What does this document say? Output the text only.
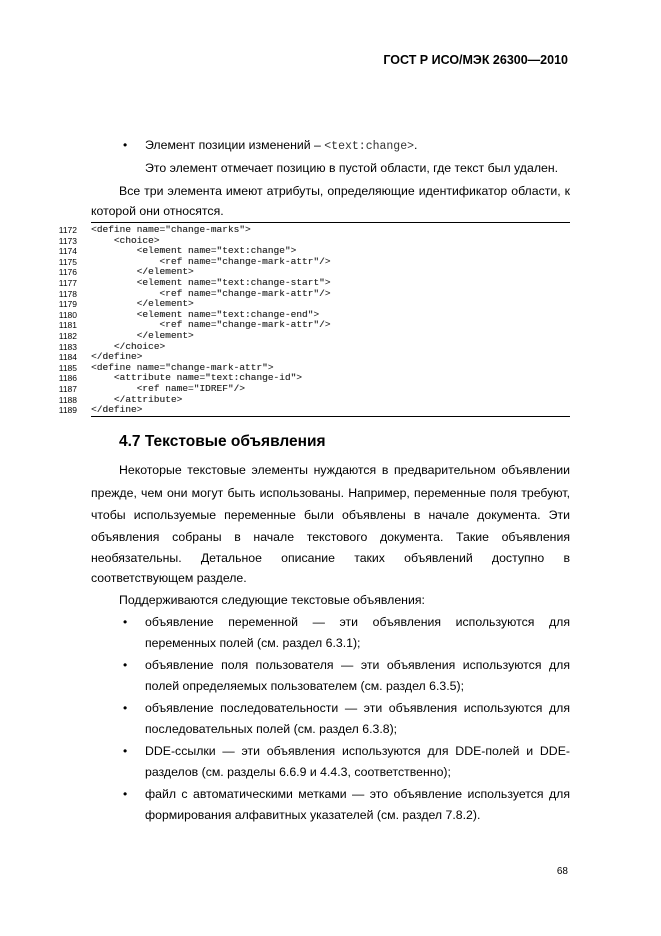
ГОСТ Р ИСО/МЭК 26300—2010
• Элемент позиции изменений – <text:change>.
Это элемент отмечает позицию в пустой области, где текст был удален.
Все три элемента имеют атрибуты, определяющие идентификатор области, к
которой они относятся.
1172 <define name="change-marks">
1173 <choice>
1174 <element name="text:change">
1175 <ref name="change-mark-attr"/>
1176 </element>
1177 <element name="text:change-start">
1178 <ref name="change-mark-attr"/>
1179 </element>
1180 <element name="text:change-end">
1181 <ref name="change-mark-attr"/>
1182 </element>
1183 </choice>
1184 </define>
1185 <define name="change-mark-attr">
1186 <attribute name="text:change-id">
1187 <ref name="IDREF"/>
1188 </attribute>
1189 </define>
4.7 Текстовые объявления
Некоторые текстовые элементы нуждаются в предварительном объявлении
прежде, чем они могут быть использованы. Например, переменные поля требуют,
чтобы используемые переменные были объявлены в начале документа. Эти
объявления собраны в начале текстового документа. Такие объявления
необязательны. Детальное описание таких объявлений доступно в
соответствующем разделе.
Поддерживаются следующие текстовые объявления:
• объявление переменной — эти объявления используются для
переменных полей (см. раздел 6.3.1);
• объявление поля пользователя — эти объявления используются для
полей определяемых пользователем (см. раздел 6.3.5);
• объявление последовательности — эти объявления используются для
последовательных полей (см. раздел 6.3.8);
• DDE-ссылки — эти объявления используются для DDE-полей и DDE-
разделов (см. разделы 6.6.9 и 4.4.3, соответственно);
• файл с автоматическими метками — это объявление используется для
формирования алфавитных указателей (см. раздел 7.8.2).
68
